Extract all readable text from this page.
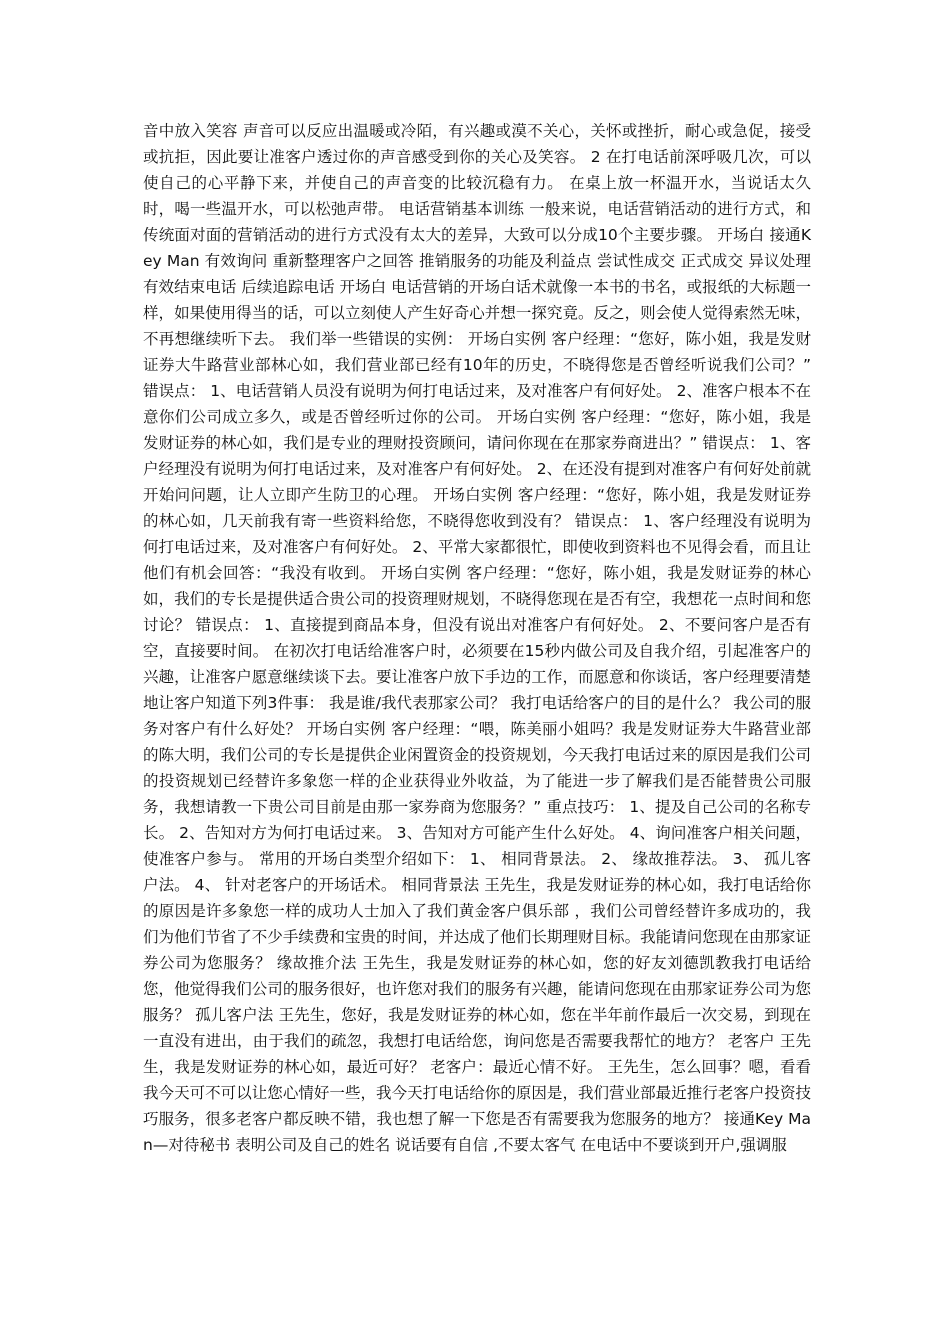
音中放入笑容 声音可以反应出温暖或冷陌，有兴趣或漠不关心，关怀或挫折，耐心或急促，接受或抗拒，因此要让准客户透过你的声音感受到你的关心及笑容。 2 在打电话前深呼吸几次，可以使自己的心平静下来，并使自己的声音变的比较沉稳有力。 在桌上放一杯温开水，当说话太久时，喝一些温开水，可以松弛声带。 电话营销基本训练 一般来说，电话营销活动的进行方式，和传统面对面的营销活动的进行方式没有太大的差异，大致可以分成10个主要步骤。 开场白 接通Key Man 有效询问 重新整理客户之回答 推销服务的功能及利益点 尝试性成交 正式成交 异议处理 有效结束电话 后续追踪电话 开场白 电话营销的开场白话术就像一本书的书名，或报纸的大标题一样，如果使用得当的话，可以立刻使人产生好奇心并想一探究竟。反之，则会使人觉得索然无味，不再想继续听下去。 我们举一些错误的实例： 开场白实例 客户经理：“您好，陈小姐，我是发财证券大牛路营业部林心如，我们营业部已经有10年的历史，不晓得您是否曾经听说我们公司？” 错误点： 1、电话营销人员没有说明为何打电话过来，及对准客户有何好处。 2、准客户根本不在意你们公司成立多久，或是否曾经听过你的公司。 开场白实例 客户经理：“您好，陈小姐，我是发财证券的林心如，我们是专业的理财投资顾问，请问你现在在那家券商进出？” 错误点： 1、客户经理没有说明为何打电话过来，及对准客户有何好处。 2、在还没有提到对准客户有何好处前就开始问问题，让人立即产生防卫的心理。 开场白实例 客户经理：“您好，陈小姐，我是发财证券的林心如，几天前我有寄一些资料给您，不晓得您收到没有？ 错误点： 1、客户经理没有说明为何打电话过来，及对准客户有何好处。 2、平常大家都很忙，即使收到资料也不见得会看，而且让他们有机会回答：“我没有收到。 开场白实例 客户经理：“您好，陈小姐，我是发财证券的林心如，我们的专长是提供适合贵公司的投资理财规划，不晓得您现在是否有空，我想花一点时间和您讨论？ 错误点： 1、直接提到商品本身，但没有说出对准客户有何好处。 2、不要问客户是否有空，直接要时间。 在初次打电话给准客户时，必须要在15秒内做公司及自我介绍，引起准客户的兴趣，让准客户愿意继续谈下去。要让准客户放下手边的工作，而愿意和你谈话，客户经理要清楚地让客户知道下列3件事： 我是谁/我代表那家公司？ 我打电话给客户的目的是什么？ 我公司的服务对客户有什么好处？ 开场白实例 客户经理：“喂，陈美丽小姐吗？我是发财证券大牛路营业部的陈大明，我们公司的专长是提供企业闲置资金的投资规划，今天我打电话过来的原因是我们公司的投资规划已经替许多象您一样的企业获得业外收益，为了能进一步了解我们是否能替贵公司服务，我想请教一下贵公司目前是由那一家券商为您服务？” 重点技巧： 1、提及自己公司的名称专长。 2、告知对方为何打电话过来。 3、告知对方可能产生什么好处。 4、询问准客户相关问题，使准客户参与。 常用的开场白类型介绍如下： 1、 相同背景法。 2、 缘故推荐法。 3、 孤儿客户法。 4、 针对老客户的开场话术。 相同背景法 王先生，我是发财证券的林心如，我打电话给你的原因是许多象您一样的成功人士加入了我们黄金客户俱乐部 ，我们公司曾经替许多成功的，我们为他们节省了不少手续费和宝贵的时间，并达成了他们长期理财目标。我能请问您现在由那家证券公司为您服务？ 缘故推介法 王先生，我是发财证券的林心如，您的好友刘德凯教我打电话给您，他觉得我们公司的服务很好，也许您对我们的服务有兴趣，能请问您现在由那家证券公司为您服务？ 孤儿客户法 王先生，您好，我是发财证券的林心如，您在半年前作最后一次交易，到现在一直没有进出，由于我们的疏忽，我想打电话给您，询问您是否需要我帮忙的地方？ 老客户 王先生，我是发财证券的林心如，最近可好？ 老客户：最近心情不好。 王先生，怎么回事？嗯，看看我今天可不可以让您心情好一些，我今天打电话给你的原因是，我们营业部最近推行老客户投资技巧服务，很多老客户都反映不错，我也想了解一下您是否有需要我为您服务的地方？ 接通Key Man—对待秘书 表明公司及自己的姓名 说话要有自信 ,不要太客气 在电话中不要谈到开户,强调服
